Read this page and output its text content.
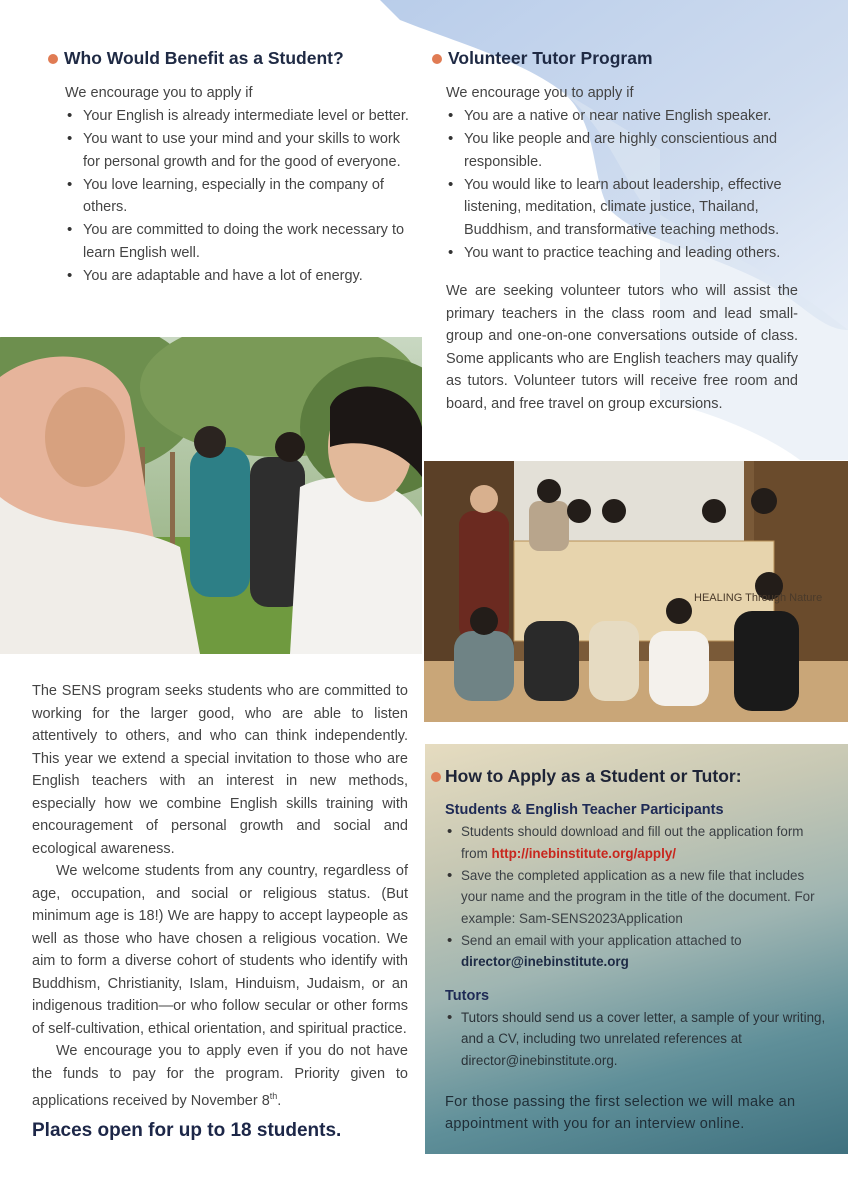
Who Would Benefit as a Student?
We encourage you to apply if
• Your English is already intermediate level or better.
• You want to use your mind and your skills to work for personal growth and for the good of everyone.
• You love learning, especially in the company of others.
• You are committed to doing the work necessary to learn English well.
• You are adaptable and have a lot of energy.
Volunteer Tutor Program
We encourage you to apply if
• You are a native or near native English speaker.
• You like people and are highly conscientious and responsible.
• You would like to learn about leadership, effective listening, meditation, climate justice, Thailand, Buddhism, and transformative teaching methods.
• You want to practice teaching and leading others.
We are seeking volunteer tutors who will assist the primary teachers in the class room and lead small-group and one-on-one conversations outside of class. Some applicants who are English teachers may qualify as tutors. Volunteer tutors will receive free room and board, and free travel on group excursions.
HEALING Through Nature
The SENS program seeks students who are committed to working for the larger good, who are able to listen attentively to others, and who can think independently. This year we extend a special invitation to those who are English teachers with an interest in new methods, especially how we combine English skills training with encouragement of personal growth and social and ecological awareness.
We welcome students from any country, regardless of age, occupation, and social or religious status. (But minimum age is 18!) We are happy to accept laypeople as well as those who have chosen a religious vocation. We aim to form a diverse cohort of students who identify with Buddhism, Christianity, Islam, Hinduism, Judaism, or an indigenous tradition—or who follow secular or other forms of self-cultivation, ethical orientation, and spiritual practice.
We encourage you to apply even if you do not have the funds to pay for the program. Priority given to applications received by November 8th.
Places open for up to 18 students.
How to Apply as a Student or Tutor:
Students & English Teacher Participants
• Students should download and fill out the application form from http://inebinstitute.org/apply/
• Save the completed application as a new file that includes your name and the program in the title of the document. For example: Sam-SENS2023Application
• Send an email with your application attached to director@inebinstitute.org
Tutors
• Tutors should send us a cover letter, a sample of your writing, and a CV, including two unrelated references at director@inebinstitute.org.
For those passing the first selection we will make an appointment with you for an interview online.
